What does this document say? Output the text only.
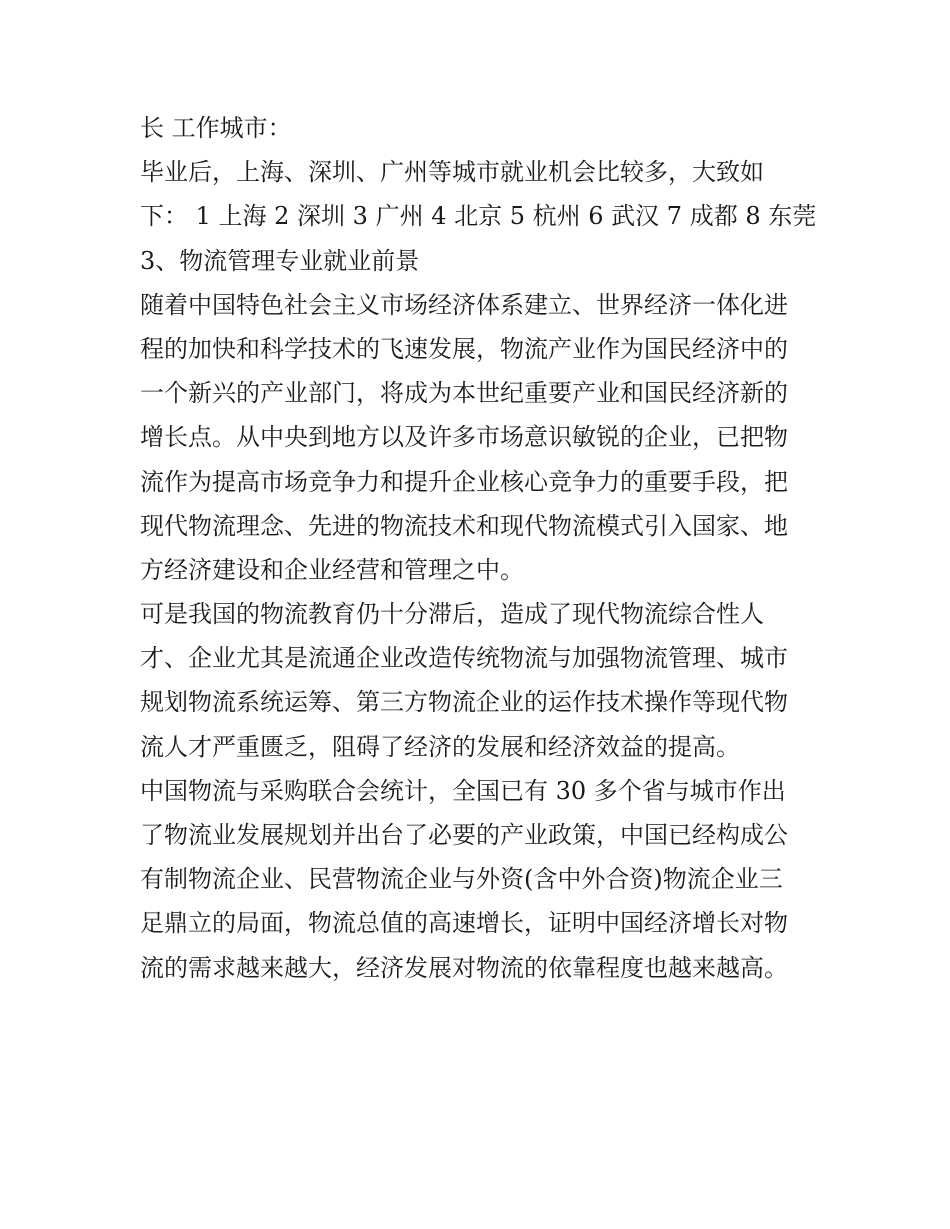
长 工作城市：
毕业后，上海、深圳、广州等城市就业机会比较多，大致如
下： 1 上海 2 深圳 3 广州 4 北京 5 杭州 6 武汉 7 成都 8 东莞
3、物流管理专业就业前景
随着中国特色社会主义市场经济体系建立、世界经济一体化进
程的加快和科学技术的飞速发展，物流产业作为国民经济中的
一个新兴的产业部门，将成为本世纪重要产业和国民经济新的
增长点。从中央到地方以及许多市场意识敏锐的企业，已把物
流作为提高市场竞争力和提升企业核心竞争力的重要手段，把
现代物流理念、先进的物流技术和现代物流模式引入国家、地
方经济建设和企业经营和管理之中。
可是我国的物流教育仍十分滞后，造成了现代物流综合性人
才、企业尤其是流通企业改造传统物流与加强物流管理、城市
规划物流系统运筹、第三方物流企业的运作技术操作等现代物
流人才严重匮乏，阻碍了经济的发展和经济效益的提高。
中国物流与采购联合会统计，全国已有 30 多个省与城市作出
了物流业发展规划并出台了必要的产业政策，中国已经构成公
有制物流企业、民营物流企业与外资(含中外合资)物流企业三
足鼎立的局面，物流总值的高速增长，证明中国经济增长对物
流的需求越来越大，经济发展对物流的依靠程度也越来越高。
